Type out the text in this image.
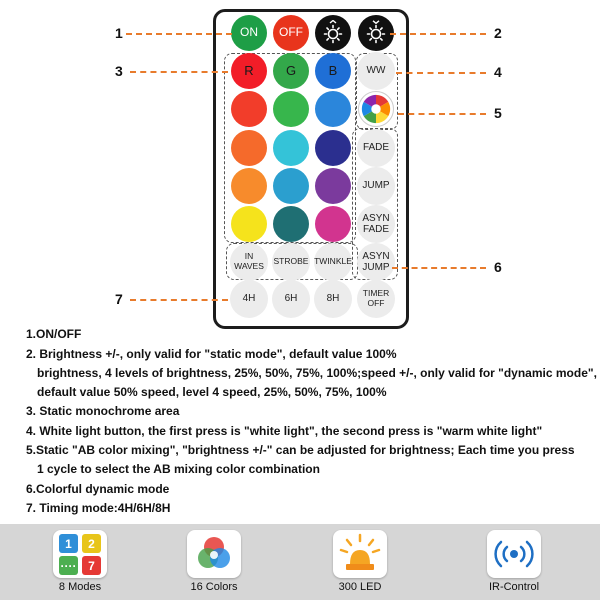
ON	OFF
R	G	B	WW
FADE
JUMP
ASYN FADE
IN WAVES	STROBE TWINKLE	ASYN JUMP
4H	6H	8H
TIMER OFF
1	2
3	4
5
6
7
1.ON/OFF
2. Brightness +/-, only valid for "static mode", default value 100%
brightness, 4 levels of brightness, 25%, 50%, 75%, 100%;speed +/-, only valid for "dynamic mode",
default value 50% speed, level 4 speed, 25%, 50%, 75%, 100%
3. Static monochrome area
4. White light button, the first press is "white light", the second press is "warm white light"
5.Static "AB color mixing", "brightness +/-" can be adjusted for brightness; Each time you press
1 cycle to select the AB mixing color combination
6.Colorful dynamic mode
7. Timing mode:4H/6H/8H
1	2
···· 7
8 Modes	16 Colors	300 LED	IR-Control
